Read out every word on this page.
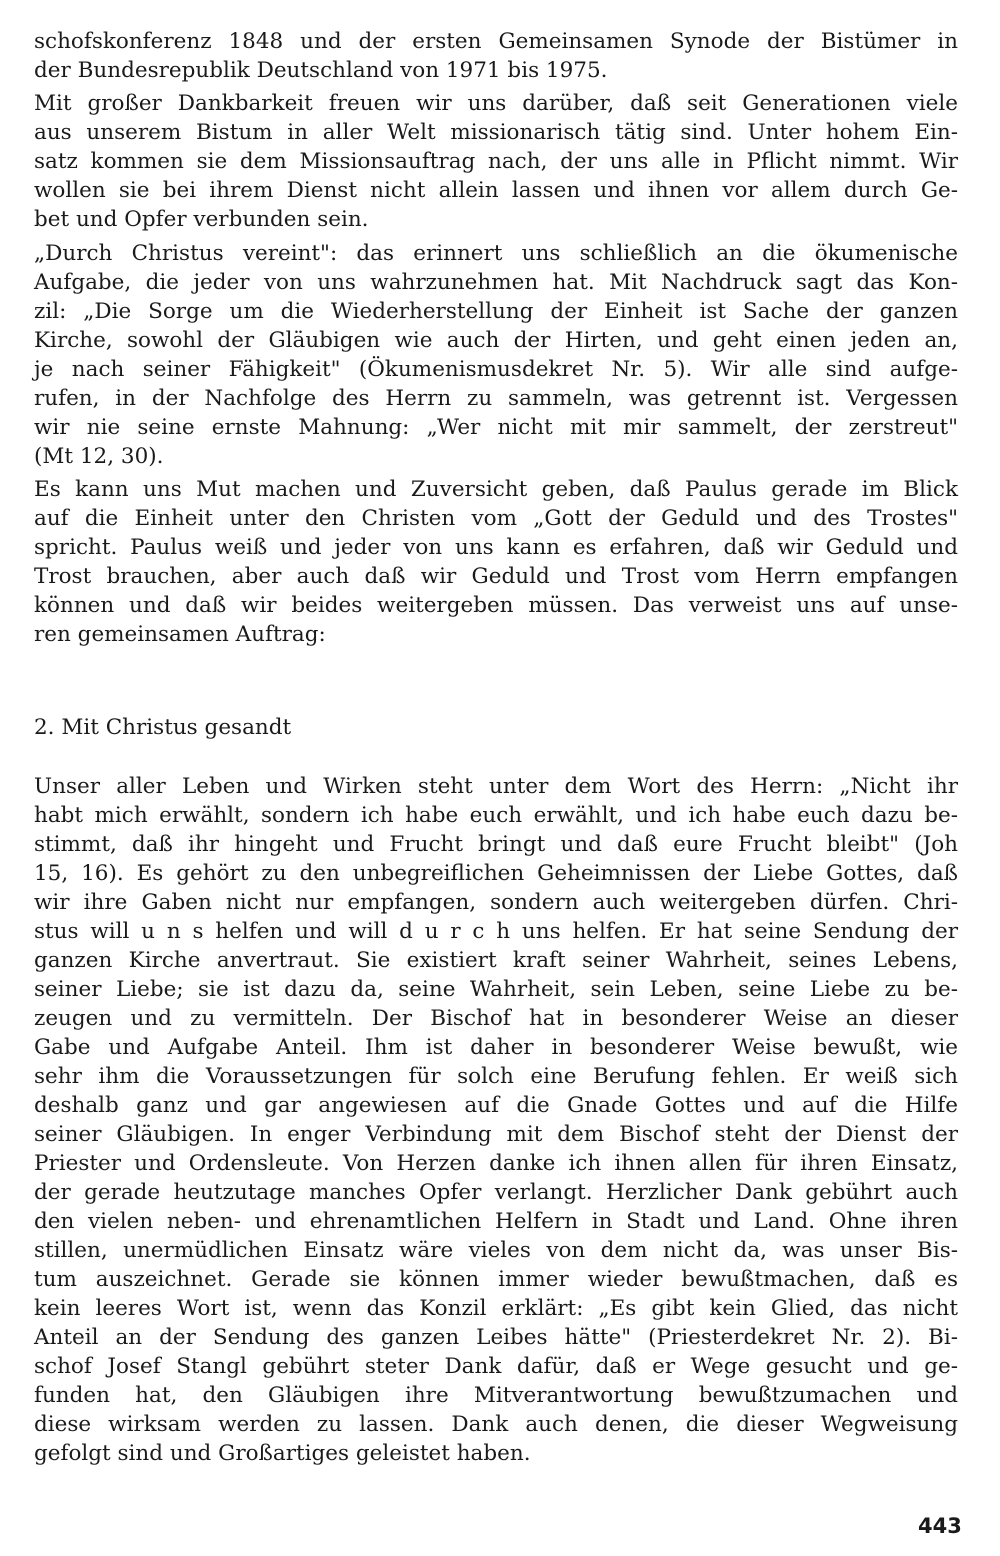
schofskonferenz 1848 und der ersten Gemeinsamen Synode der Bistümer in
der Bundesrepublik Deutschland von 1971 bis 1975.
Mit großer Dankbarkeit freuen wir uns darüber, daß seit Generationen viele
aus unserem Bistum in aller Welt missionarisch tätig sind. Unter hohem Ein-
satz kommen sie dem Missionsauftrag nach, der uns alle in Pflicht nimmt. Wir
wollen sie bei ihrem Dienst nicht allein lassen und ihnen vor allem durch Ge-
bet und Opfer verbunden sein.
„Durch Christus vereint": das erinnert uns schließlich an die ökumenische
Aufgabe, die jeder von uns wahrzunehmen hat. Mit Nachdruck sagt das Kon-
zil: „Die Sorge um die Wiederherstellung der Einheit ist Sache der ganzen
Kirche, sowohl der Gläubigen wie auch der Hirten, und geht einen jeden an,
je nach seiner Fähigkeit" (Ökumenismusdekret Nr. 5). Wir alle sind aufge-
rufen, in der Nachfolge des Herrn zu sammeln, was getrennt ist. Vergessen
wir nie seine ernste Mahnung: „Wer nicht mit mir sammelt, der zerstreut"
(Mt 12, 30).
Es kann uns Mut machen und Zuversicht geben, daß Paulus gerade im Blick
auf die Einheit unter den Christen vom „Gott der Geduld und des Trostes"
spricht. Paulus weiß und jeder von uns kann es erfahren, daß wir Geduld und
Trost brauchen, aber auch daß wir Geduld und Trost vom Herrn empfangen
können und daß wir beides weitergeben müssen. Das verweist uns auf unse-
ren gemeinsamen Auftrag:
2. Mit Christus gesandt
Unser aller Leben und Wirken steht unter dem Wort des Herrn: „Nicht ihr
habt mich erwählt, sondern ich habe euch erwählt, und ich habe euch dazu be-
stimmt, daß ihr hingeht und Frucht bringt und daß eure Frucht bleibt" (Joh
15, 16). Es gehört zu den unbegreiflichen Geheimnissen der Liebe Gottes, daß
wir ihre Gaben nicht nur empfangen, sondern auch weitergeben dürfen. Chri-
stus will u n s helfen und will d u r c h uns helfen. Er hat seine Sendung der
ganzen Kirche anvertraut. Sie existiert kraft seiner Wahrheit, seines Lebens,
seiner Liebe; sie ist dazu da, seine Wahrheit, sein Leben, seine Liebe zu be-
zeugen und zu vermitteln. Der Bischof hat in besonderer Weise an dieser
Gabe und Aufgabe Anteil. Ihm ist daher in besonderer Weise bewußt, wie
sehr ihm die Voraussetzungen für solch eine Berufung fehlen. Er weiß sich
deshalb ganz und gar angewiesen auf die Gnade Gottes und auf die Hilfe
seiner Gläubigen. In enger Verbindung mit dem Bischof steht der Dienst der
Priester und Ordensleute. Von Herzen danke ich ihnen allen für ihren Einsatz,
der gerade heutzutage manches Opfer verlangt. Herzlicher Dank gebührt auch
den vielen neben- und ehrenamtlichen Helfern in Stadt und Land. Ohne ihren
stillen, unermüdlichen Einsatz wäre vieles von dem nicht da, was unser Bis-
tum auszeichnet. Gerade sie können immer wieder bewußtmachen, daß es
kein leeres Wort ist, wenn das Konzil erklärt: „Es gibt kein Glied, das nicht
Anteil an der Sendung des ganzen Leibes hätte" (Priesterdekret Nr. 2). Bi-
schof Josef Stangl gebührt steter Dank dafür, daß er Wege gesucht und ge-
funden hat, den Gläubigen ihre Mitverantwortung bewußtzumachen und
diese wirksam werden zu lassen. Dank auch denen, die dieser Wegweisung
gefolgt sind und Großartiges geleistet haben.
443
